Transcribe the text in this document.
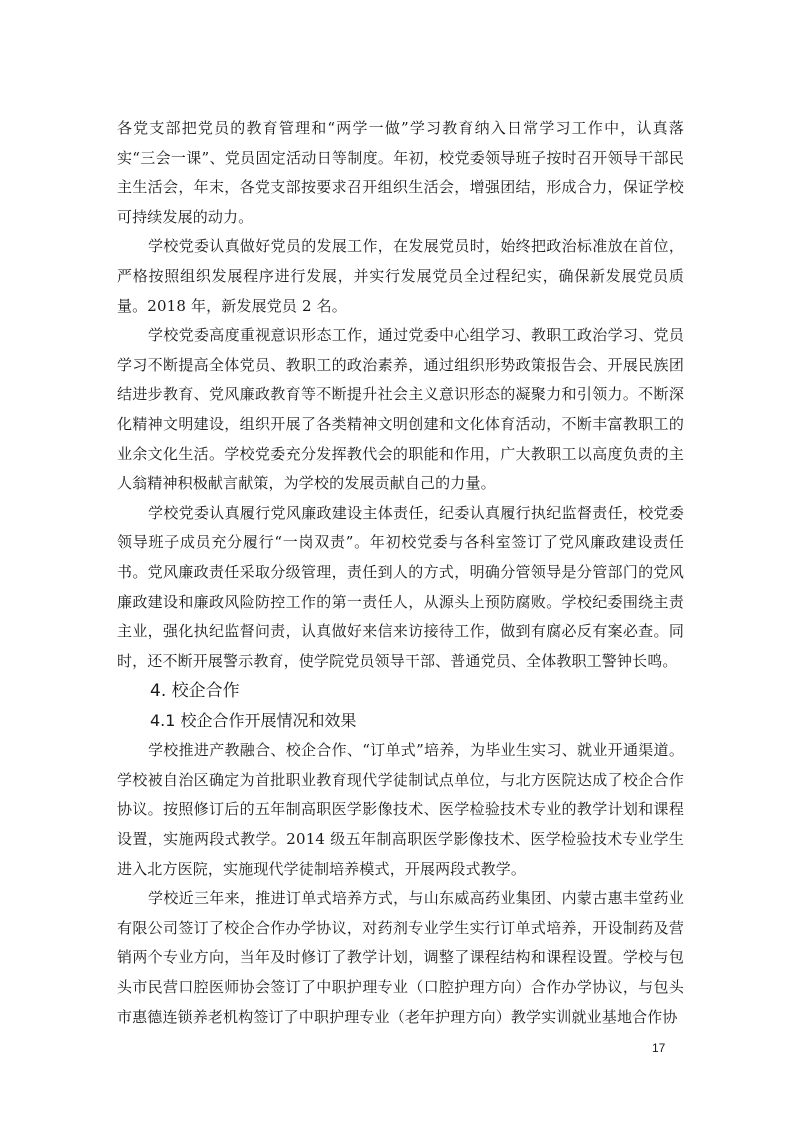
各党支部把党员的教育管理和“两学一做”学习教育纳入日常学习工作中，认真落实“三会一课”、党员固定活动日等制度。年初，校党委领导班子按时召开领导干部民主生活会，年末，各党支部按要求召开组织生活会，增强团结，形成合力，保证学校可持续发展的动力。

学校党委认真做好党员的发展工作，在发展党员时，始终把政治标准放在首位，严格按照组织发展程序进行发展，并实行发展党员全过程纪实，确保新发展党员质量。2018 年，新发展党员 2 名。

学校党委高度重视意识形态工作，通过党委中心组学习、教职工政治学习、党员学习不断提高全体党员、教职工的政治素养，通过组织形势政策报告会、开展民族团结进步教育、党风廉政教育等不断提升社会主义意识形态的凝聚力和引领力。不断深化精神文明建设，组织开展了各类精神文明创建和文化体育活动，不断丰富教职工的业余文化生活。学校党委充分发挥教代会的职能和作用，广大教职工以高度负责的主人翁精神积极献言献策，为学校的发展贡献自己的力量。

学校党委认真履行党风廉政建设主体责任，纪委认真履行执纪监督责任，校党委领导班子成员充分履行“一岗双责”。年初校党委与各科室签订了党风廉政建设责任书。党风廉政责任采取分级管理，责任到人的方式，明确分管领导是分管部门的党风廉政建设和廉政风险防控工作的第一责任人，从源头上预防腐败。学校纪委围绕主责主业，强化执纪监督问责，认真做好来信来访接待工作，做到有腐必反有案必查。同时，还不断开展警示教育，使学院党员领导干部、普通党员、全体教职工警钟长鸣。

4. 校企合作
4.1 校企合作开展情况和效果

学校推进产教融合、校企合作、“订单式”培养，为毕业生实习、就业开通渠道。学校被自治区确定为首批职业教育现代学徒制试点单位，与北方医院达成了校企合作协议。按照修订后的五年制高职医学影像技术、医学检验技术专业的教学计划和课程设置，实施两段式教学。2014 级五年制高职医学影像技术、医学检验技术专业学生进入北方医院，实施现代学徒制培养模式，开展两段式教学。

学校近三年来，推进订单式培养方式，与山东威高药业集团、内蒙古惠丰堂药业有限公司签订了校企合作办学协议，对药剂专业学生实行订单式培养，开设制药及营销两个专业方向，当年及时修订了教学计划，调整了课程结构和课程设置。学校与包头市民营口腔医师协会签订了中职护理专业（口腔护理方向）合作办学协议，与包头市惠德连锁养老机构签订了中职护理专业（老年护理方向）教学实训就业基地合作协

17
